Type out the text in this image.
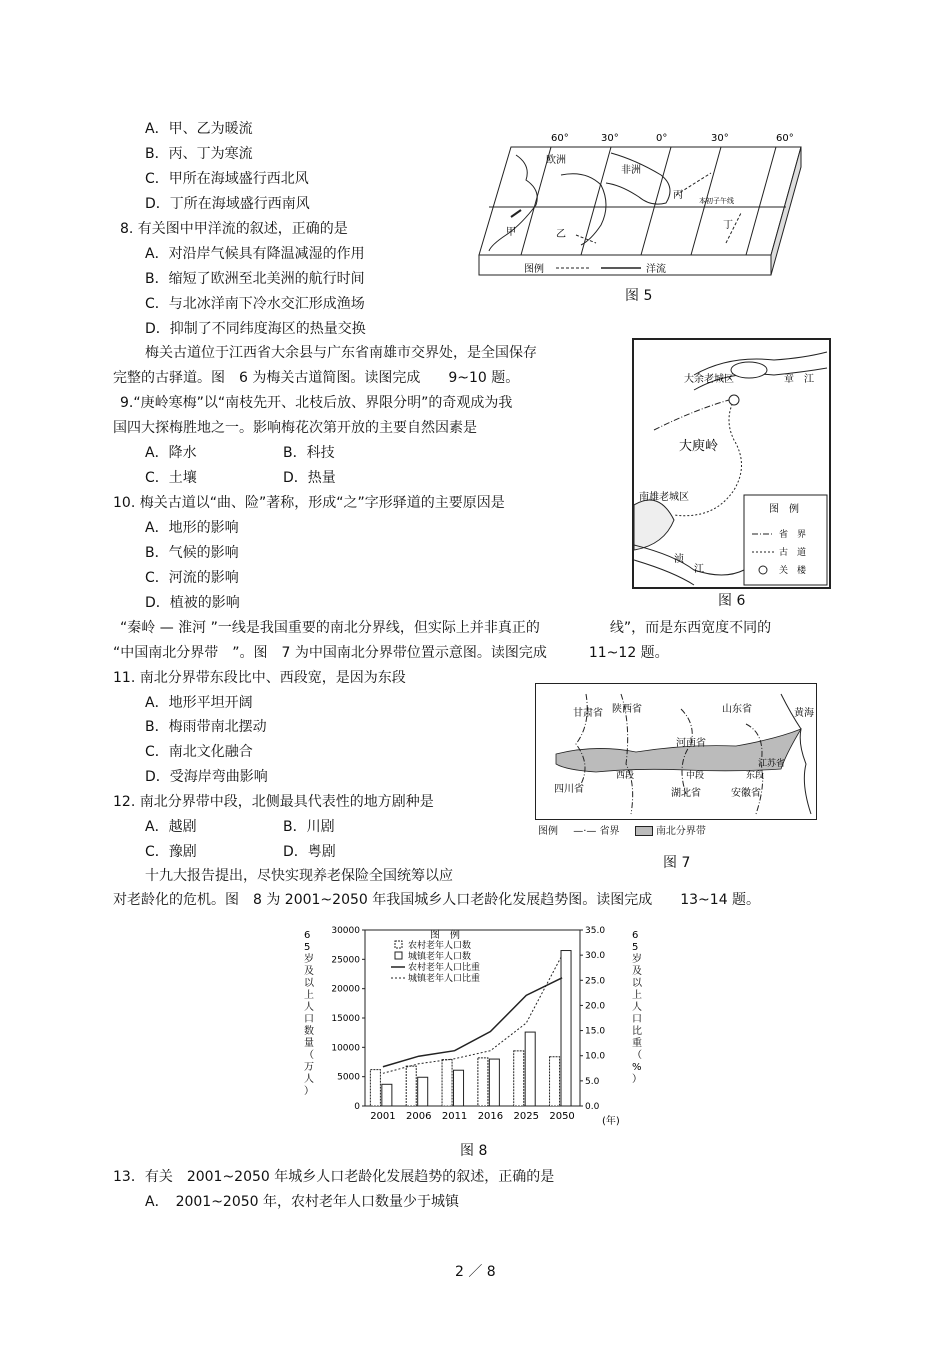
A．甲、乙为暖流
B．丙、丁为寒流
C．甲所在海域盛行西北风
D．丁所在海域盛行西南风
8. 有关图中甲洋流的叙述，正确的是
A．对沿岸气候具有降温减湿的作用
B．缩短了欧洲至北美洲的航行时间
C．与北冰洋南下冷水交汇形成渔场
D．抑制了不同纬度海区的热量交换
梅关古道位于江西省大余县与广东省南雄市交界处，是全国保存
完整的古驿道。图　6 为梅关古道简图。读图完成　　9~10 题。
9.“庚岭寒梅”以“南枝先开、北枝后放、界限分明”的奇观成为我
国四大探梅胜地之一。影响梅花次第开放的主要自然因素是
A．降水	B．科技
C．土壤	D．热量
10. 梅关古道以“曲、险”著称，形成“之”字形驿道的主要原因是
A．地形的影响
B．气候的影响
C．河流的影响
D．植被的影响
“秦岭 — 淮河 ”一线是我国重要的南北分界线，但实际上并非真正的　　　　　线”，而是东西宽度不同的
“中国南北分界带　”。图　7 为中国南北分界带位置示意图。读图完成　　　11~12 题。
11. 南北分界带东段比中、西段宽，是因为东段
A．地形平坦开阔
B．梅雨带南北摆动
C．南北文化融合
D．受海岸弯曲影响
12. 南北分界带中段，北侧最具代表性的地方剧种是
A．越剧	B．川剧
C．豫剧	D．粤剧
十九大报告提出，尽快实现养老保险全国统筹以应
对老龄化的危机。图　8 为 2001~2050 年我国城乡人口老龄化发展趋势图。读图完成　　13~14 题。
13．有关　2001~2050 年城乡人口老龄化发展趋势的叙述，正确的是
A．　2001~2050 年，农村老年人口数量少于城镇
2 ／ 8
60°	30°	0°	30°	60°
欧洲
非洲
甲	乙
丙
丁
本初子午线
图例	洋流
图 5
大余老城区	章　江
大庾岭
南雄老城区
浈
江
图　例
省　界
古　道
关　楼
图 6
甘肃省 陕西省
河南省
山东省	黄海
江苏省
四川省	湖北省	安徽省
西段	中段	东段
图例 —·— 省界	南北分界带
图 7
6 5 岁及以上人口数量（万人）
6 5 岁及以上人口比重（%）
图　例
(年)
30000
25000
20000
15000
10000
5000
0
35.0
30.0
25.0
20.0
15.0
10.0
5.0
0.0
2001 2006 2011 2016 2025 2050
农村老年人口数
城镇老年人口数
农村老年人口比重
城镇老年人口比重
图 8
